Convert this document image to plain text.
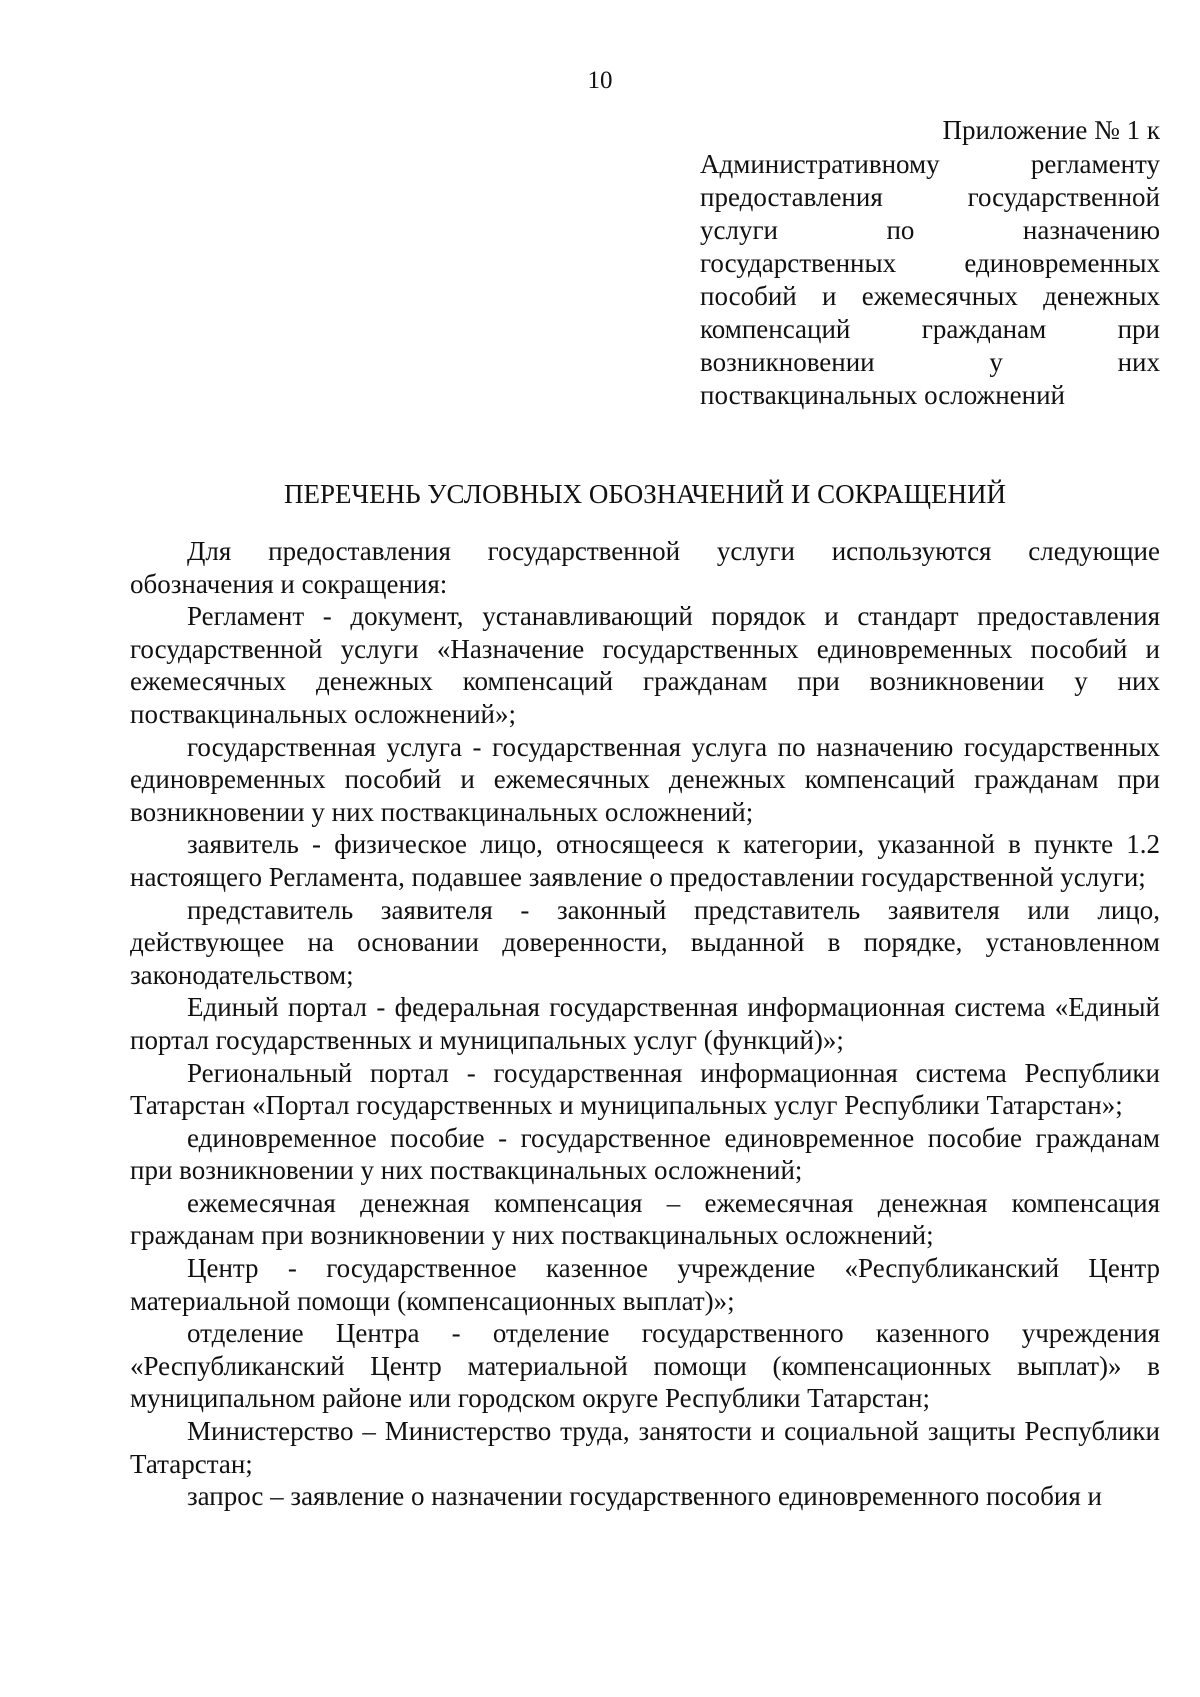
10
Приложение № 1 к
Административному регламенту
предоставления государственной
услуги по назначению
государственных единовременных
пособий и ежемесячных денежных
компенсаций гражданам при
возникновении у них
поствакцинальных осложнений
ПЕРЕЧЕНЬ УСЛОВНЫХ ОБОЗНАЧЕНИЙ И СОКРАЩЕНИЙ

Для предоставления государственной услуги используются следующие обозначения и сокращения:

Регламент - документ, устанавливающий порядок и стандарт предоставления государственной услуги «Назначение государственных единовременных пособий и ежемесячных денежных компенсаций гражданам при возникновении у них поствакцинальных осложнений»;

государственная услуга - государственная услуга по назначению государственных единовременных пособий и ежемесячных денежных компенсаций гражданам при возникновении у них поствакцинальных осложнений;

заявитель - физическое лицо, относящееся к категории, указанной в пункте 1.2 настоящего Регламента, подавшее заявление о предоставлении государственной услуги;

представитель заявителя - законный представитель заявителя или лицо, действующее на основании доверенности, выданной в порядке, установленном законодательством;

Единый портал - федеральная государственная информационная система «Единый портал государственных и муниципальных услуг (функций)»;

Региональный портал - государственная информационная система Республики Татарстан «Портал государственных и муниципальных услуг Республики Татарстан»;

единовременное пособие - государственное единовременное пособие гражданам при возникновении у них поствакцинальных осложнений;

ежемесячная денежная компенсация – ежемесячная денежная компенсация гражданам при возникновении у них поствакцинальных осложнений;

Центр - государственное казенное учреждение «Республиканский Центр материальной помощи (компенсационных выплат)»;

отделение Центра - отделение государственного казенного учреждения «Республиканский Центр материальной помощи (компенсационных выплат)» в муниципальном районе или городском округе Республики Татарстан;

Министерство – Министерство труда, занятости и социальной защиты Республики Татарстан;

запрос – заявление о назначении государственного единовременного пособия и
